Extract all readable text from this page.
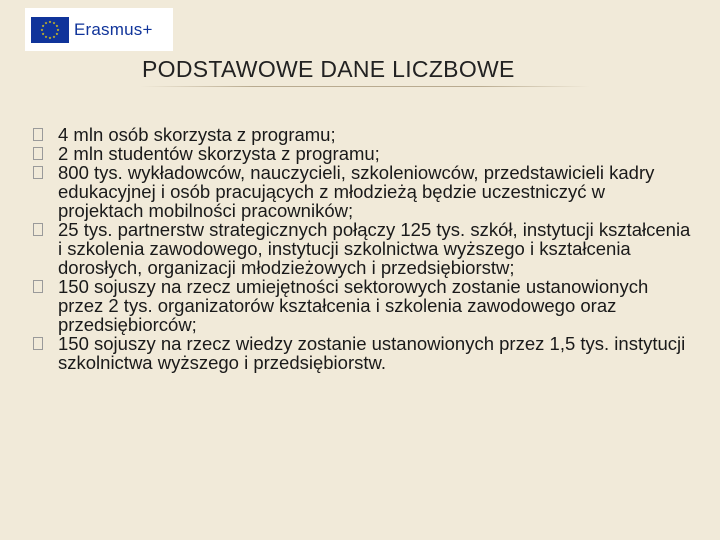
Erasmus+
PODSTAWOWE DANE LICZBOWE
4 mln osób skorzysta z programu;
2 mln studentów skorzysta z programu;
800 tys. wykładowców, nauczycieli, szkoleniowców, przedstawicieli kadry edukacyjnej i osób pracujących z młodzieżą będzie uczestniczyć w projektach mobilności pracowników;
25 tys. partnerstw strategicznych połączy 125 tys. szkół, instytucji kształcenia i szkolenia zawodowego, instytucji szkolnictwa wyższego i kształcenia dorosłych, organizacji młodzieżowych i przedsiębiorstw;
150 sojuszy na rzecz umiejętności sektorowych zostanie ustanowionych przez 2 tys. organizatorów kształcenia i szkolenia zawodowego oraz przedsiębiorców;
150 sojuszy na rzecz wiedzy zostanie ustanowionych przez 1,5 tys. instytucji szkolnictwa wyższego i przedsiębiorstw.
